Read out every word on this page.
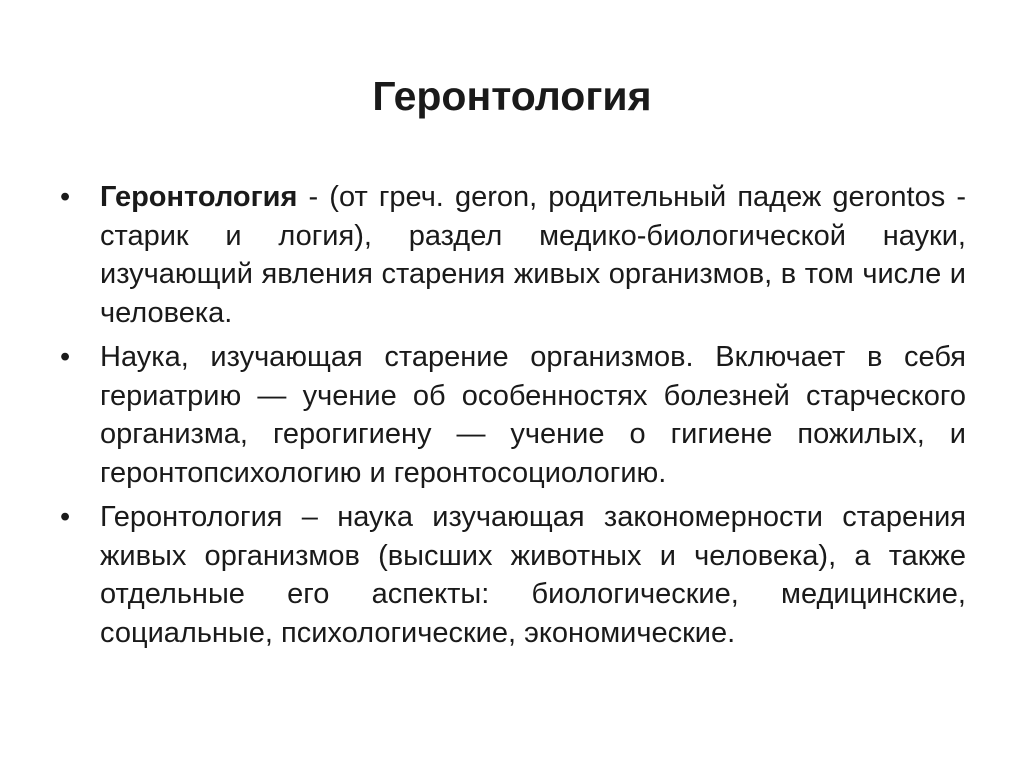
Геронтология
• Геронтология - (от греч. geron, родительный падеж gerontos - старик и логия), раздел медико-биологической науки, изучающий явления старения живых организмов, в том числе и человека.
• Наука, изучающая старение организмов. Включает в себя гериатрию — учение об особенностях болезней старческого организма, герогигиену — учение о гигиене пожилых, и геронтопсихологию и геронтосоциологию.
• Геронтология – наука изучающая закономерности старения живых организмов (высших животных и человека), а также отдельные его аспекты: биологические, медицинские, социальные, психологические, экономические.
